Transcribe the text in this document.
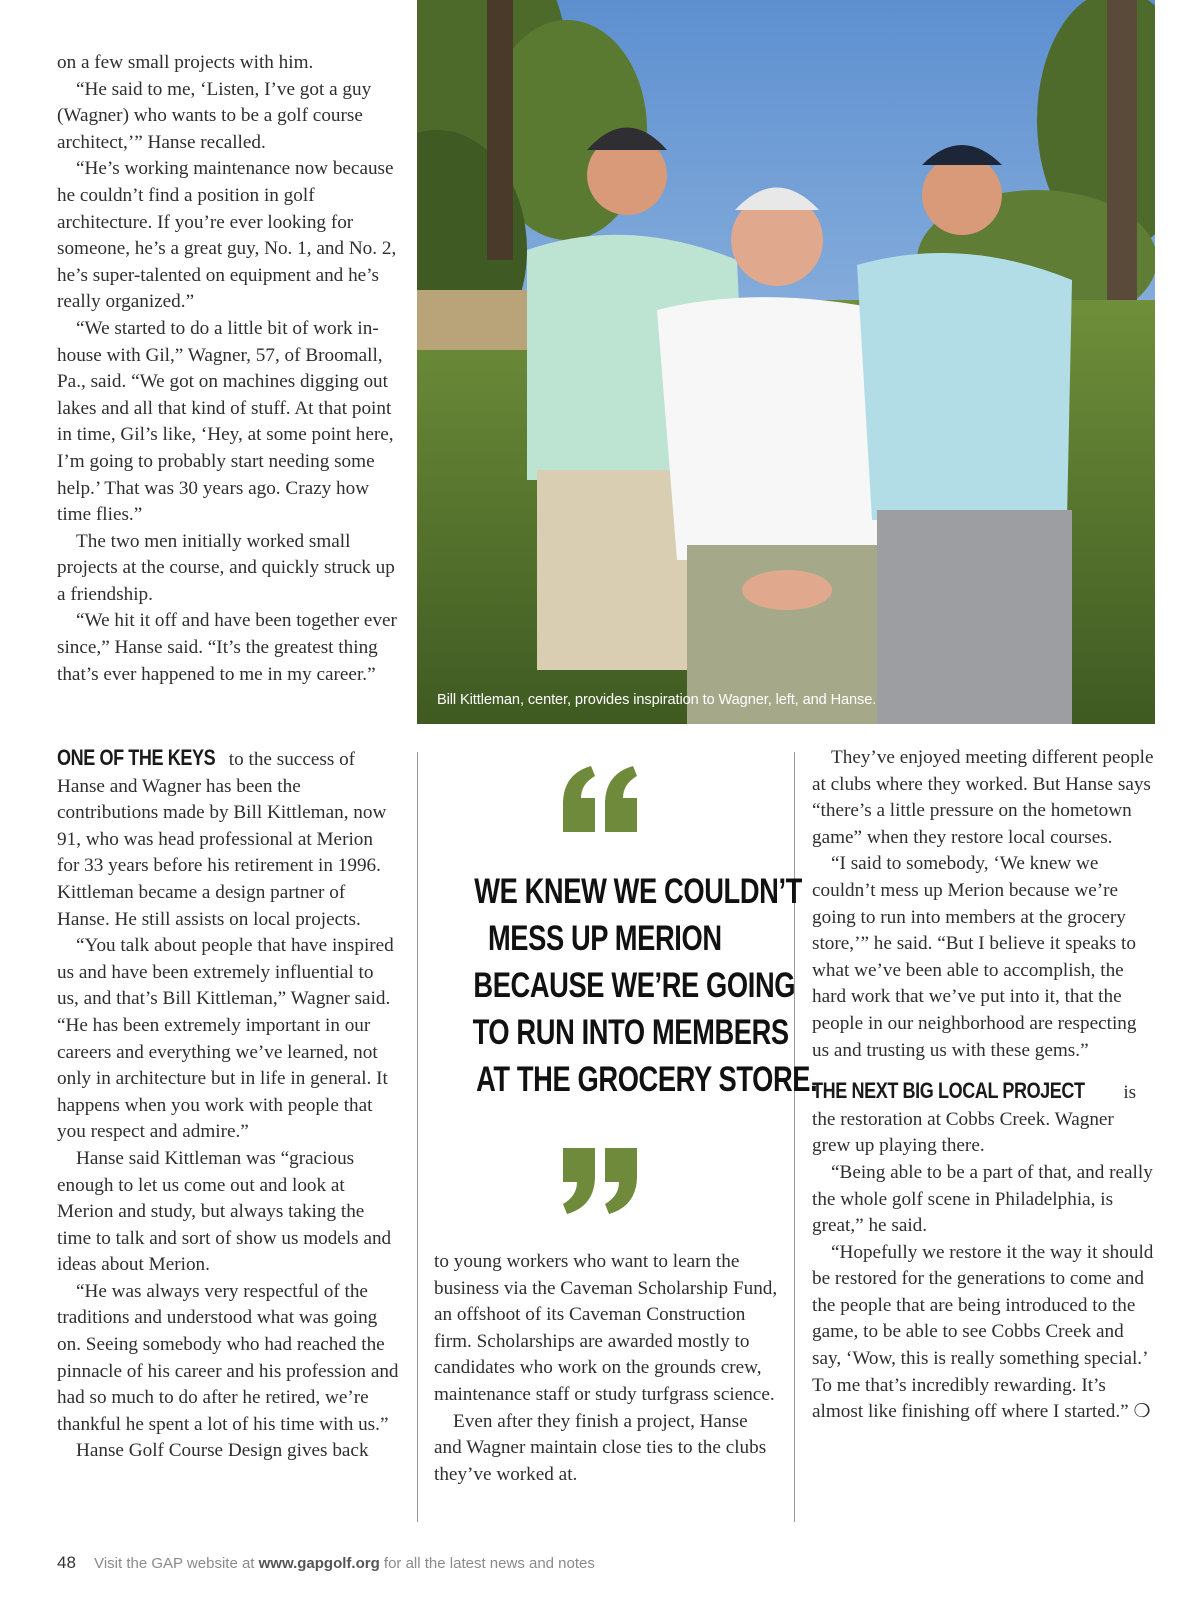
on a few small projects with him.

“He said to me, ‘Listen, I’ve got a guy (Wagner) who wants to be a golf course architect,’” Hanse recalled.

“He’s working maintenance now because he couldn’t find a position in golf architecture. If you’re ever looking for someone, he’s a great guy, No. 1, and No. 2, he’s super-talented on equipment and he’s really organized.”

“We started to do a little bit of work in-house with Gil,” Wagner, 57, of Broomall, Pa., said. “We got on machines digging out lakes and all that kind of stuff. At that point in time, Gil’s like, ‘Hey, at some point here, I’m going to probably start needing some help.’ That was 30 years ago. Crazy how time flies.”

The two men initially worked small projects at the course, and quickly struck up a friendship.

“We hit it off and have been together ever since,” Hanse said. “It’s the greatest thing that’s ever happened to me in my career.”

Bill Kittleman, center, provides inspiration to Wagner, left, and Hanse.

ONE OF THE KEYS to the success of Hanse and Wagner has been the contributions made by Bill Kittleman, now 91, who was head professional at Merion for 33 years before his retirement in 1996. Kittleman became a design partner of Hanse. He still assists on local projects.

“You talk about people that have inspired us and have been extremely influential to us, and that’s Bill Kittleman,” Wagner said. “He has been extremely important in our careers and everything we’ve learned, not only in architecture but in life in general. It happens when you work with people that you respect and admire.”

Hanse said Kittleman was “gracious enough to let us come out and look at Merion and study, but always taking the time to talk and sort of show us models and ideas about Merion.

“He was always very respectful of the traditions and understood what was going on. Seeing somebody who had reached the pinnacle of his career and his profession and had so much to do after he retired, we’re thankful he spent a lot of his time with us.”

Hanse Golf Course Design gives back

WE KNEW WE COULDN’T
MESS UP MERION
BECAUSE WE’RE GOING
TO RUN INTO MEMBERS
AT THE GROCERY STORE.

to young workers who want to learn the business via the Caveman Scholarship Fund, an offshoot of its Caveman Construction firm. Scholarships are awarded mostly to candidates who work on the grounds crew, maintenance staff or study turfgrass science.

Even after they finish a project, Hanse and Wagner maintain close ties to the clubs they’ve worked at.

They’ve enjoyed meeting different people at clubs where they worked. But Hanse says “there’s a little pressure on the hometown game” when they restore local courses.

“I said to somebody, ‘We knew we couldn’t mess up Merion because we’re going to run into members at the grocery store,’” he said. “But I believe it speaks to what we’ve been able to accomplish, the hard work that we’ve put into it, that the people in our neighborhood are respecting us and trusting us with these gems.”

THE NEXT BIG LOCAL PROJECT is the restoration at Cobbs Creek. Wagner grew up playing there.

“Being able to be a part of that, and really the whole golf scene in Philadelphia, is great,” he said.

“Hopefully we restore it the way it should be restored for the generations to come and the people that are being introduced to the game, to be able to see Cobbs Creek and say, ‘Wow, this is really something special.’ To me that’s incredibly rewarding. It’s almost like finishing off where I started.” ❍

48 Visit the GAP website at www.gapgolf.org for all the latest news and notes
